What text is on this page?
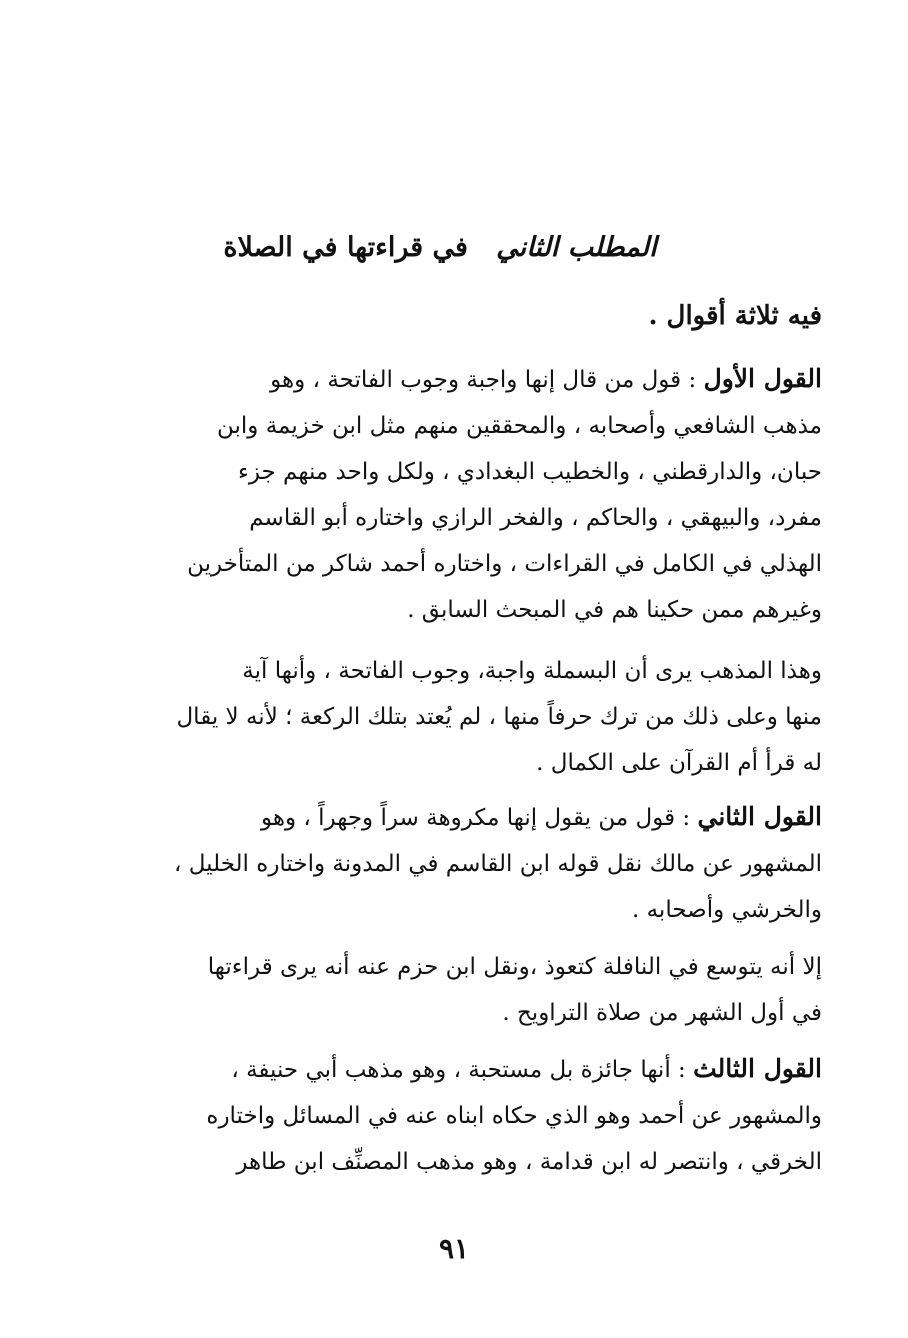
المطلب الثاني   في قراءتها في الصلاة
فيه ثلاثة أقوال .
القول الأول : قول من قال إنها واجبة وجوب الفاتحة ، وهو
مذهب الشافعي وأصحابه ، والمحققين منهم مثل ابن خزيمة وابن
حبان، والدارقطني ، والخطيب البغدادي ، ولكل واحد منهم جزء
مفرد، والبيهقي ، والحاكم ، والفخر الرازي واختاره أبو القاسم
الهذلي في الكامل في القراءات ، واختاره أحمد شاكر من المتأخرين
وغيرهم ممن حكينا هم في المبحث السابق .
وهذا المذهب يرى أن البسملة واجبة، وجوب الفاتحة ، وأنها آية
منها وعلى ذلك من ترك حرفاً منها ، لم يُعتد بتلك الركعة ؛ لأنه لا يقال
له قرأ أم القرآن على الكمال .
القول الثاني : قول من يقول إنها مكروهة سراً وجهراً ، وهو
المشهور عن مالك نقل قوله ابن القاسم في المدونة واختاره الخليل ،
والخرشي وأصحابه .
إلا أنه يتوسع في النافلة كتعوذ ،ونقل ابن حزم عنه أنه يرى قراءتها
في أول الشهر من صلاة التراويح .
القول الثالث : أنها جائزة بل مستحبة ، وهو مذهب أبي حنيفة ،
والمشهور عن أحمد وهو الذي حكاه ابناه عنه في المسائل واختاره
الخرقي ، وانتصر له ابن قدامة ، وهو مذهب المصنِّف ابن طاهر
٩١
